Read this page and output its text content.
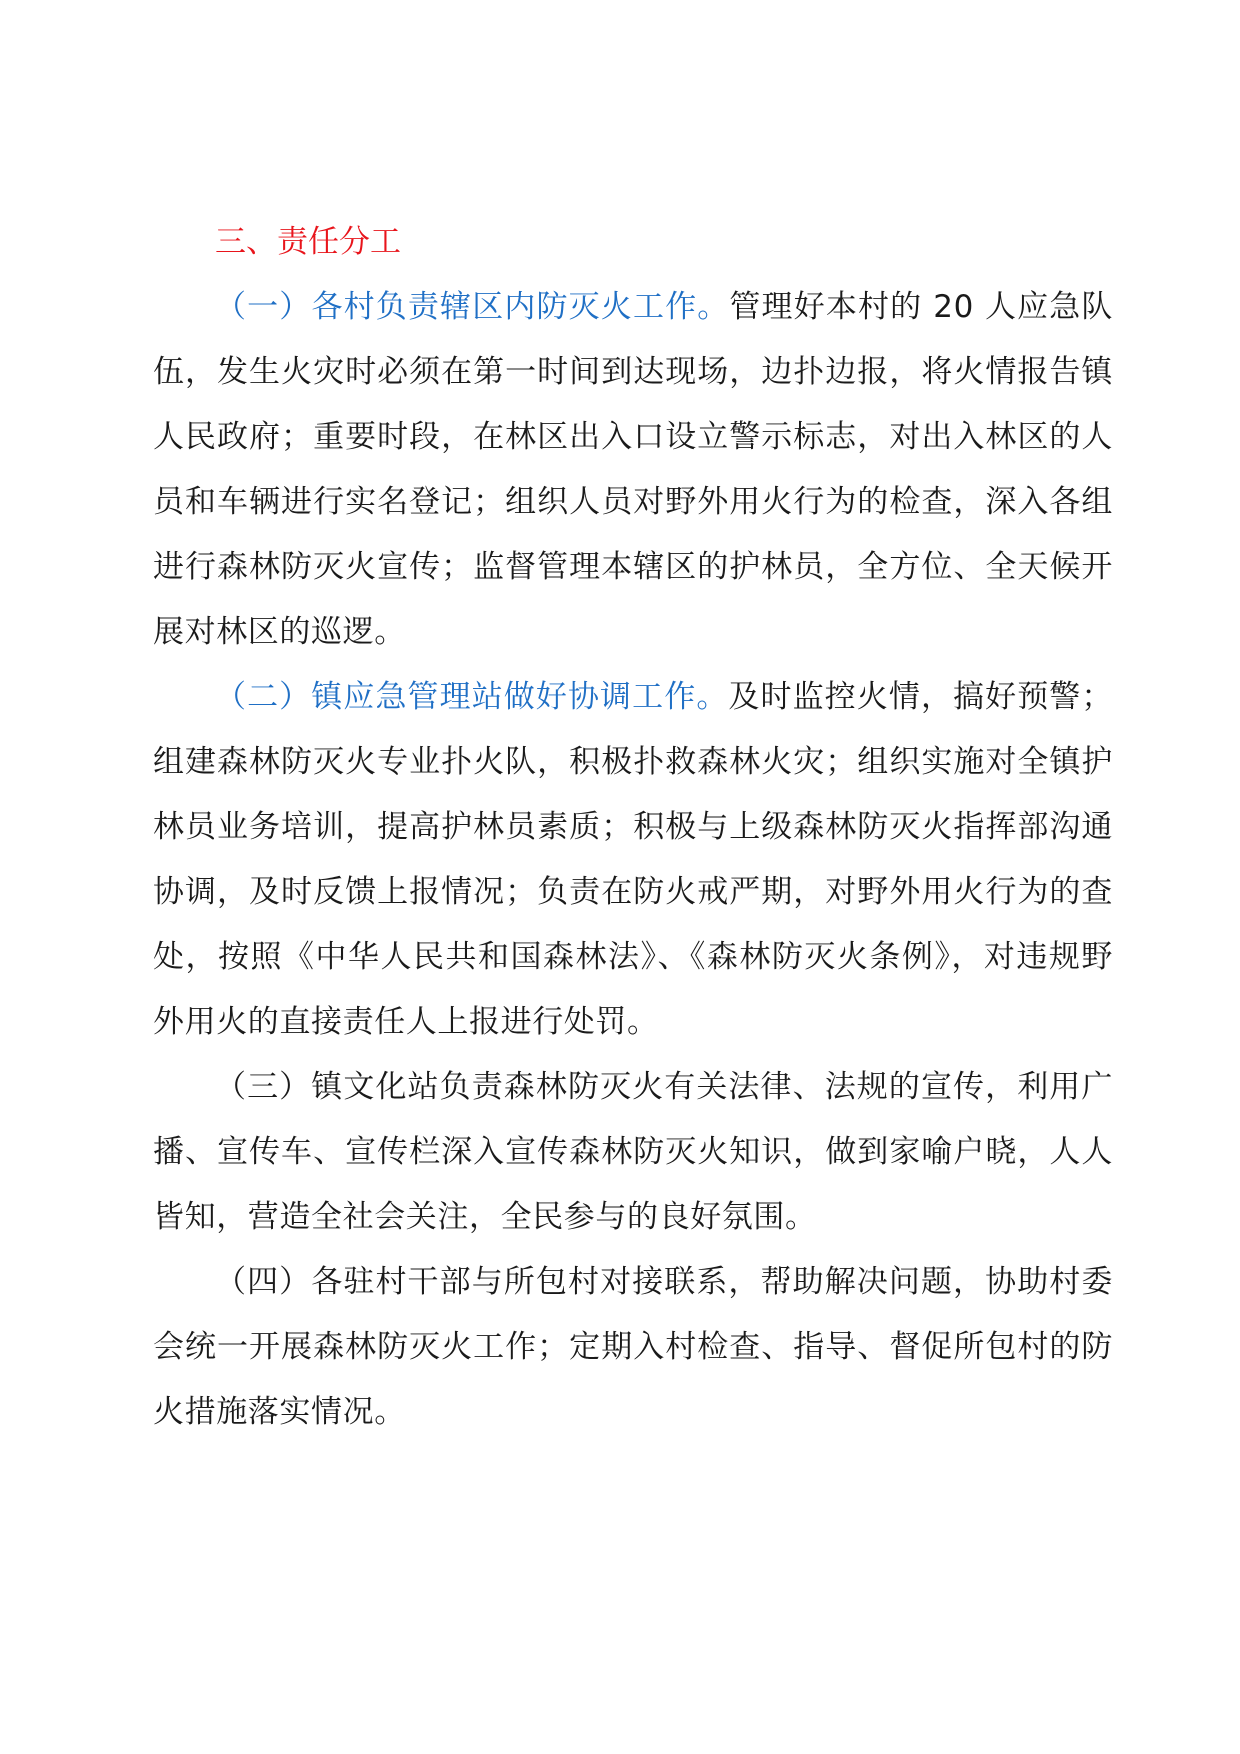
三、责任分工

（一）各村负责辖区内防灭火工作。管理好本村的 20 人应急队伍，发生火灾时必须在第一时间到达现场，边扑边报，将火情报告镇人民政府；重要时段，在林区出入口设立警示标志，对出入林区的人员和车辆进行实名登记；组织人员对野外用火行为的检查，深入各组进行森林防灭火宣传；监督管理本辖区的护林员，全方位、全天候开展对林区的巡逻。

（二）镇应急管理站做好协调工作。及时监控火情，搞好预警；组建森林防灭火专业扑火队，积极扑救森林火灾；组织实施对全镇护林员业务培训，提高护林员素质；积极与上级森林防灭火指挥部沟通协调，及时反馈上报情况；负责在防火戒严期，对野外用火行为的查处，按照《中华人民共和国森林法》、《森林防灭火条例》，对违规野外用火的直接责任人上报进行处罚。

（三）镇文化站负责森林防灭火有关法律、法规的宣传，利用广播、宣传车、宣传栏深入宣传森林防灭火知识，做到家喻户晓，人人皆知，营造全社会关注，全民参与的良好氛围。

（四）各驻村干部与所包村对接联系，帮助解决问题，协助村委会统一开展森林防灭火工作；定期入村检查、指导、督促所包村的防火措施落实情况。
